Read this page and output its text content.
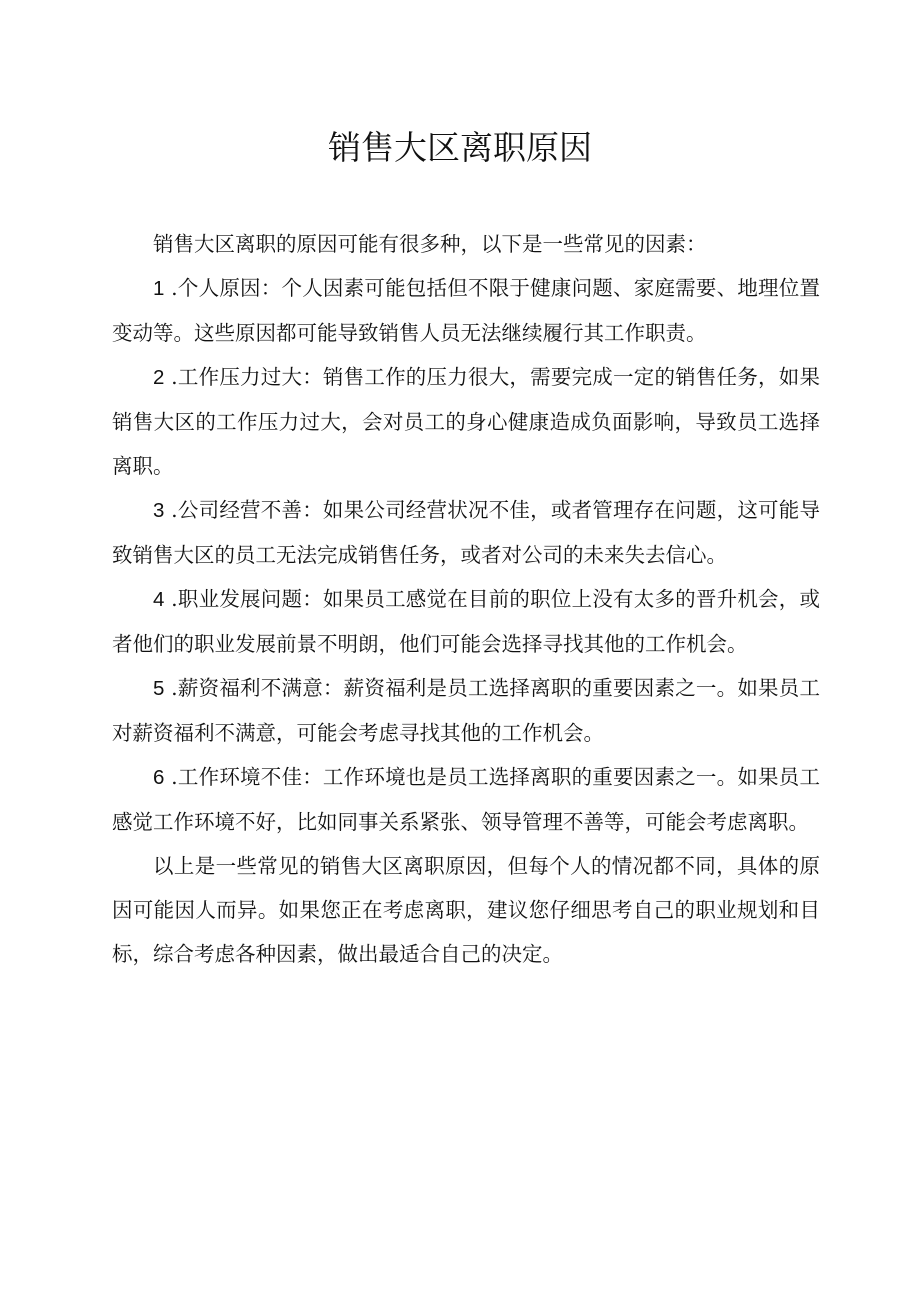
销售大区离职原因

销售大区离职的原因可能有很多种，以下是一些常见的因素：

1 .个人原因：个人因素可能包括但不限于健康问题、家庭需要、地理位置变动等。这些原因都可能导致销售人员无法继续履行其工作职责。

2 .工作压力过大：销售工作的压力很大，需要完成一定的销售任务，如果销售大区的工作压力过大，会对员工的身心健康造成负面影响，导致员工选择离职。

3 .公司经营不善：如果公司经营状况不佳，或者管理存在问题，这可能导致销售大区的员工无法完成销售任务，或者对公司的未来失去信心。

4 .职业发展问题：如果员工感觉在目前的职位上没有太多的晋升机会，或者他们的职业发展前景不明朗，他们可能会选择寻找其他的工作机会。

5 .薪资福利不满意：薪资福利是员工选择离职的重要因素之一。如果员工对薪资福利不满意，可能会考虑寻找其他的工作机会。

6 .工作环境不佳：工作环境也是员工选择离职的重要因素之一。如果员工感觉工作环境不好，比如同事关系紧张、领导管理不善等，可能会考虑离职。

以上是一些常见的销售大区离职原因，但每个人的情况都不同，具体的原因可能因人而异。如果您正在考虑离职，建议您仔细思考自己的职业规划和目标，综合考虑各种因素，做出最适合自己的决定。
